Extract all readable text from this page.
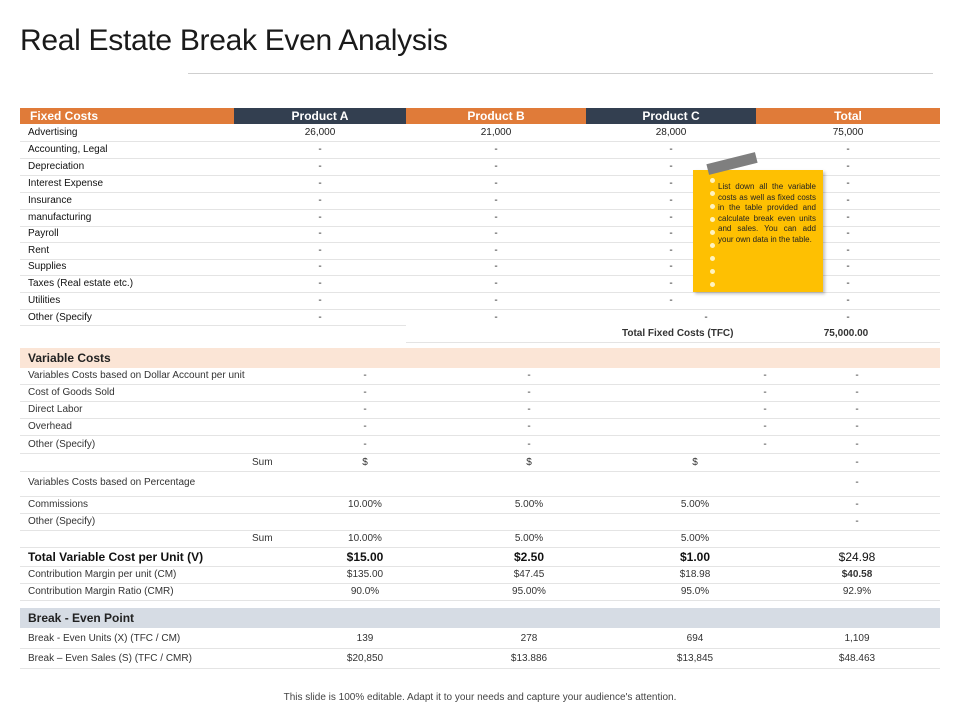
Real Estate Break Even Analysis
Fixed Costs	Product A	Product B	Product C	Total
Advertising	26,000	21,000	28,000	75,000
Accounting, Legal	-	-	-	-
Depreciation	-	-	-	-
Interest Expense	-	-	-	-
Insurance	-	-	-	-
manufacturing	-	-	-	-
Payroll	-	-	-	-
Rent	-	-	-	-
Supplies	-	-	-	-
Taxes (Real estate etc.)	-	-	-	-
Utilities	-	-	-	-
Other (Specify	-	-	-	-
Total Fixed Costs (TFC)	75,000.00
List down all the variable costs as well as fixed costs in the table provided and calculate break even units and sales. You can add your own data in the table.
Variable Costs
Variables Costs based on Dollar Account per unit	-	-	-	-
Cost of Goods Sold	-	-	-	-
Direct Labor	-	-	-	-
Overhead	-	-	-	-
Other (Specify)	-	-	-	-
Sum	$	$	$	-
Variables Costs based on Percentage	-
Commissions	10.00%	5.00%	5.00%	-
Other (Specify)	-
Sum	10.00%	5.00%	5.00%
Total Variable Cost per Unit (V)	$15.00	$2.50	$1.00	$24.98
Contribution Margin per unit (CM)	$135.00	$47.45	$18.98	$40.58
Contribution Margin Ratio (CMR)	90.0%	95.00%	95.0%	92.9%
Break - Even Point
Break - Even Units (X) (TFC / CM)	139	278	694	1,109
Break – Even Sales (S) (TFC / CMR)	$20,850	$13.886	$13,845	$48.463
This slide is 100% editable. Adapt it to your needs and capture your audience's attention.
